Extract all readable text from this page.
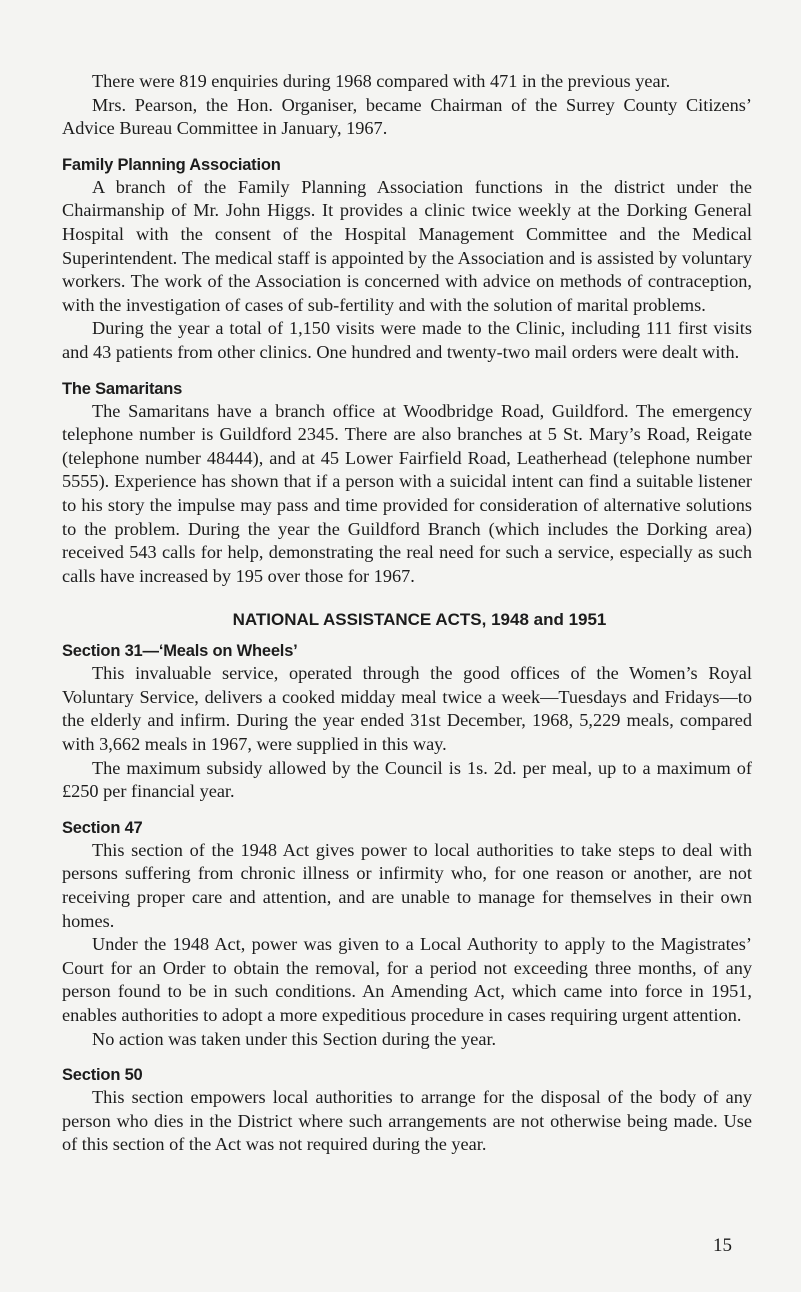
There were 819 enquiries during 1968 compared with 471 in the previous year.

Mrs. Pearson, the Hon. Organiser, became Chairman of the Surrey County Citizens’ Advice Bureau Committee in January, 1967.

Family Planning Association

A branch of the Family Planning Association functions in the district under the Chairmanship of Mr. John Higgs. It provides a clinic twice weekly at the Dorking General Hospital with the consent of the Hospital Management Committee and the Medical Superintendent. The medical staff is appointed by the Association and is assisted by voluntary workers. The work of the Association is concerned with advice on methods of contraception, with the investigation of cases of sub-fertility and with the solution of marital problems.

During the year a total of 1,150 visits were made to the Clinic, including 111 first visits and 43 patients from other clinics. One hundred and twenty-two mail orders were dealt with.

The Samaritans

The Samaritans have a branch office at Woodbridge Road, Guildford. The emergency telephone number is Guildford 2345. There are also branches at 5 St. Mary’s Road, Reigate (telephone number 48444), and at 45 Lower Fairfield Road, Leatherhead (telephone number 5555). Experience has shown that if a person with a suicidal intent can find a suitable listener to his story the impulse may pass and time provided for consideration of alternative solutions to the problem. During the year the Guildford Branch (which includes the Dorking area) received 543 calls for help, demonstrating the real need for such a service, especially as such calls have increased by 195 over those for 1967.

NATIONAL ASSISTANCE ACTS, 1948 and 1951
Section 31—‘Meals on Wheels’

This invaluable service, operated through the good offices of the Women’s Royal Voluntary Service, delivers a cooked midday meal twice a week—Tuesdays and Fridays—to the elderly and infirm. During the year ended 31st December, 1968, 5,229 meals, compared with 3,662 meals in 1967, were supplied in this way.

The maximum subsidy allowed by the Council is 1s. 2d. per meal, up to a maximum of £250 per financial year.

Section 47

This section of the 1948 Act gives power to local authorities to take steps to deal with persons suffering from chronic illness or infirmity who, for one reason or another, are not receiving proper care and attention, and are unable to manage for themselves in their own homes.

Under the 1948 Act, power was given to a Local Authority to apply to the Magistrates’ Court for an Order to obtain the removal, for a period not exceeding three months, of any person found to be in such conditions. An Amending Act, which came into force in 1951, enables authorities to adopt a more expeditious procedure in cases requiring urgent attention.

No action was taken under this Section during the year.

Section 50

This section empowers local authorities to arrange for the disposal of the body of any person who dies in the District where such arrangements are not otherwise being made. Use of this section of the Act was not required during the year.

15
